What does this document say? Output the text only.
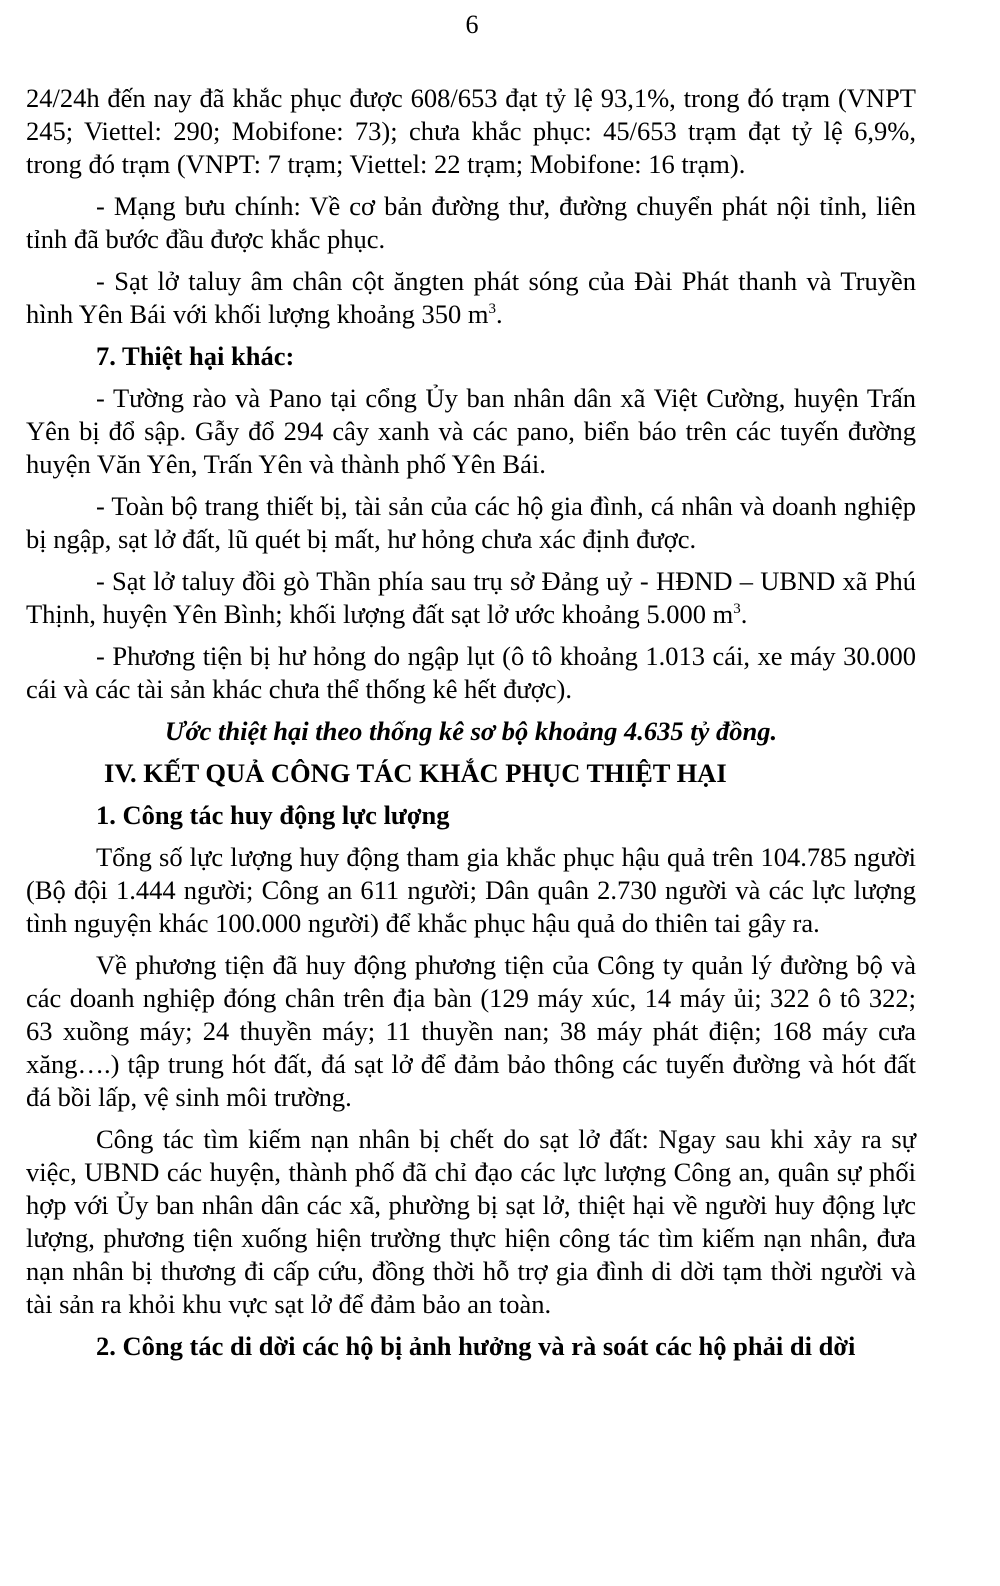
6

24/24h đến nay đã khắc phục được 608/653 đạt tỷ lệ 93,1%, trong đó trạm (VNPT 245; Viettel: 290; Mobifone: 73); chưa khắc phục: 45/653 trạm đạt tỷ lệ 6,9%, trong đó trạm (VNPT: 7 trạm; Viettel: 22 trạm; Mobifone: 16 trạm).

- Mạng bưu chính: Về cơ bản đường thư, đường chuyển phát nội tỉnh, liên tỉnh đã bước đầu được khắc phục.

- Sạt lở taluy âm chân cột ăngten phát sóng của Đài Phát thanh và Truyền hình Yên Bái với khối lượng khoảng 350 $m^3$.

7. Thiệt hại khác:

- Tường rào và Pano tại cổng Ủy ban nhân dân xã Việt Cường, huyện Trấn Yên bị đổ sập. Gẫy đổ 294 cây xanh và các pano, biển báo trên các tuyến đường huyện Văn Yên, Trấn Yên và thành phố Yên Bái.

- Toàn bộ trang thiết bị, tài sản của các hộ gia đình, cá nhân và doanh nghiệp bị ngập, sạt lở đất, lũ quét bị mất, hư hỏng chưa xác định được.

- Sạt lở taluy đồi gò Thần phía sau trụ sở Đảng uỷ - HĐND – UBND xã Phú Thịnh, huyện Yên Bình; khối lượng đất sạt lở ước khoảng 5.000 $m^3$.

- Phương tiện bị hư hỏng do ngập lụt (ô tô khoảng 1.013 cái, xe máy 30.000 cái và các tài sản khác chưa thể thống kê hết được).

Ước thiệt hại theo thống kê sơ bộ khoảng 4.635 tỷ đồng.

IV. KẾT QUẢ CÔNG TÁC KHẮC PHỤC THIỆT HẠI

1. Công tác huy động lực lượng

Tổng số lực lượng huy động tham gia khắc phục hậu quả trên 104.785 người (Bộ đội 1.444 người; Công an 611 người; Dân quân 2.730 người và các lực lượng tình nguyện khác 100.000 người) để khắc phục hậu quả do thiên tai gây ra.

Về phương tiện đã huy động phương tiện của Công ty quản lý đường bộ và các doanh nghiệp đóng chân trên địa bàn (129 máy xúc, 14 máy ủi; 322 ô tô 322; 63 xuồng máy; 24 thuyền máy; 11 thuyền nan; 38 máy phát điện; 168 máy cưa xăng….) tập trung hót đất, đá sạt lở để đảm bảo thông các tuyến đường và hót đất đá bồi lấp, vệ sinh môi trường.

Công tác tìm kiếm nạn nhân bị chết do sạt lở đất: Ngay sau khi xảy ra sự việc, UBND các huyện, thành phố đã chỉ đạo các lực lượng Công an, quân sự phối hợp với Ủy ban nhân dân các xã, phường bị sạt lở, thiệt hại về người huy động lực lượng, phương tiện xuống hiện trường thực hiện công tác tìm kiếm nạn nhân, đưa nạn nhân bị thương đi cấp cứu, đồng thời hỗ trợ gia đình di dời tạm thời người và tài sản ra khỏi khu vực sạt lở để đảm bảo an toàn.

2. Công tác di dời các hộ bị ảnh hưởng và rà soát các hộ phải di dời
